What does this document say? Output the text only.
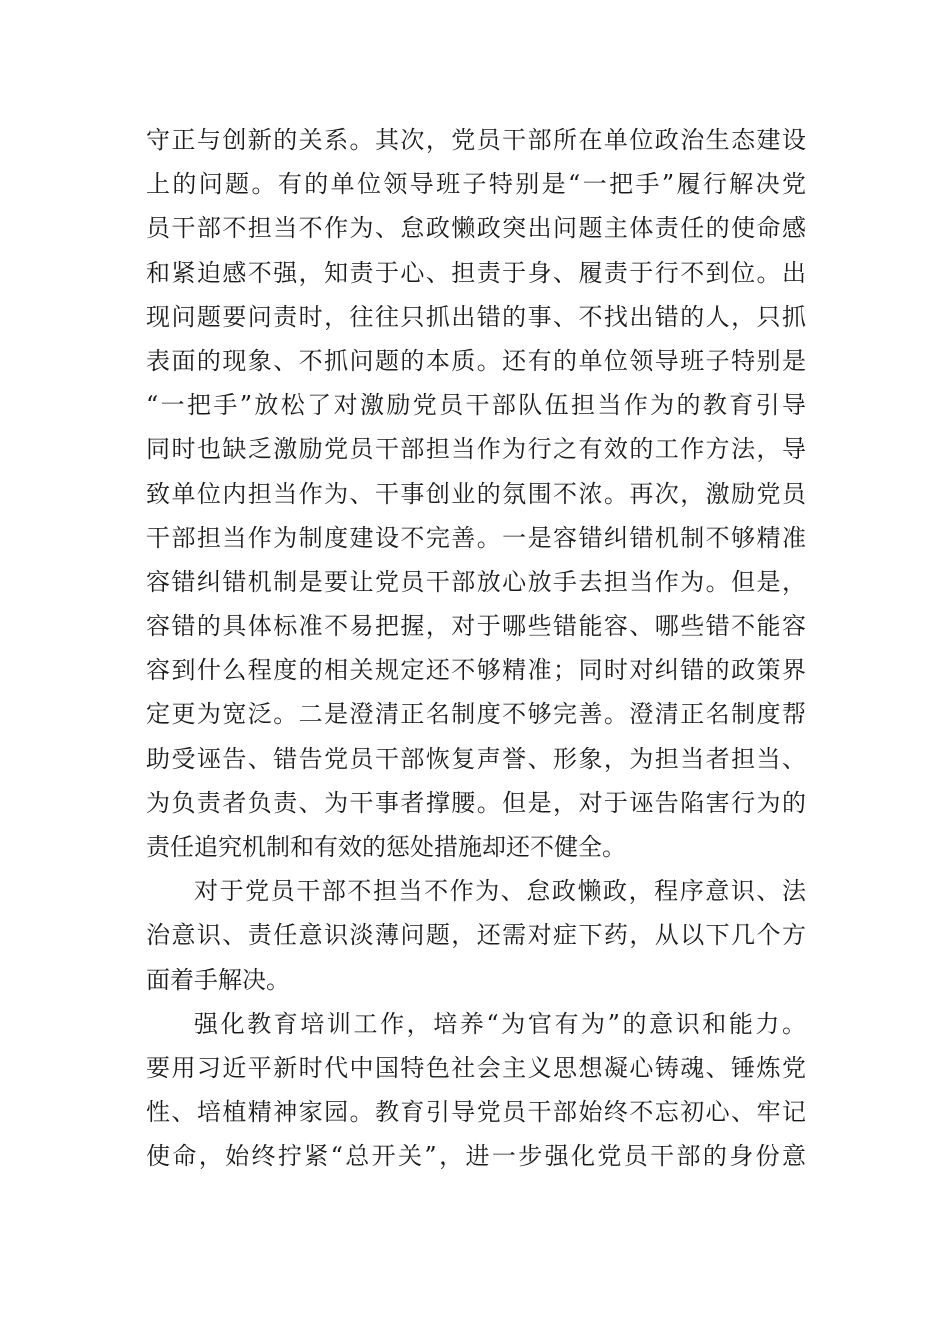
守正与创新的关系。其次，党员干部所在单位政治生态建设
上的问题。有的单位领导班子特别是“一把手”履行解决党
员干部不担当不作为、怠政懒政突出问题主体责任的使命感
和紧迫感不强，知责于心、担责于身、履责于行不到位。出
现问题要问责时，往往只抓出错的事、不找出错的人，只抓
表面的现象、不抓问题的本质。还有的单位领导班子特别是
“一把手”放松了对激励党员干部队伍担当作为的教育引导
同时也缺乏激励党员干部担当作为行之有效的工作方法，导
致单位内担当作为、干事创业的氛围不浓。再次，激励党员
干部担当作为制度建设不完善。一是容错纠错机制不够精准
容错纠错机制是要让党员干部放心放手去担当作为。但是，
容错的具体标准不易把握，对于哪些错能容、哪些错不能容
容到什么程度的相关规定还不够精准；同时对纠错的政策界
定更为宽泛。二是澄清正名制度不够完善。澄清正名制度帮
助受诬告、错告党员干部恢复声誉、形象，为担当者担当、
为负责者负责、为干事者撑腰。但是，对于诬告陷害行为的
责任追究机制和有效的惩处措施却还不健全。
对于党员干部不担当不作为、怠政懒政，程序意识、法
治意识、责任意识淡薄问题，还需对症下药，从以下几个方
面着手解决。
强化教育培训工作，培养“为官有为”的意识和能力。
要用习近平新时代中国特色社会主义思想凝心铸魂、锤炼党
性、培植精神家园。教育引导党员干部始终不忘初心、牢记
使命，始终拧紧“总开关”，进一步强化党员干部的身份意
